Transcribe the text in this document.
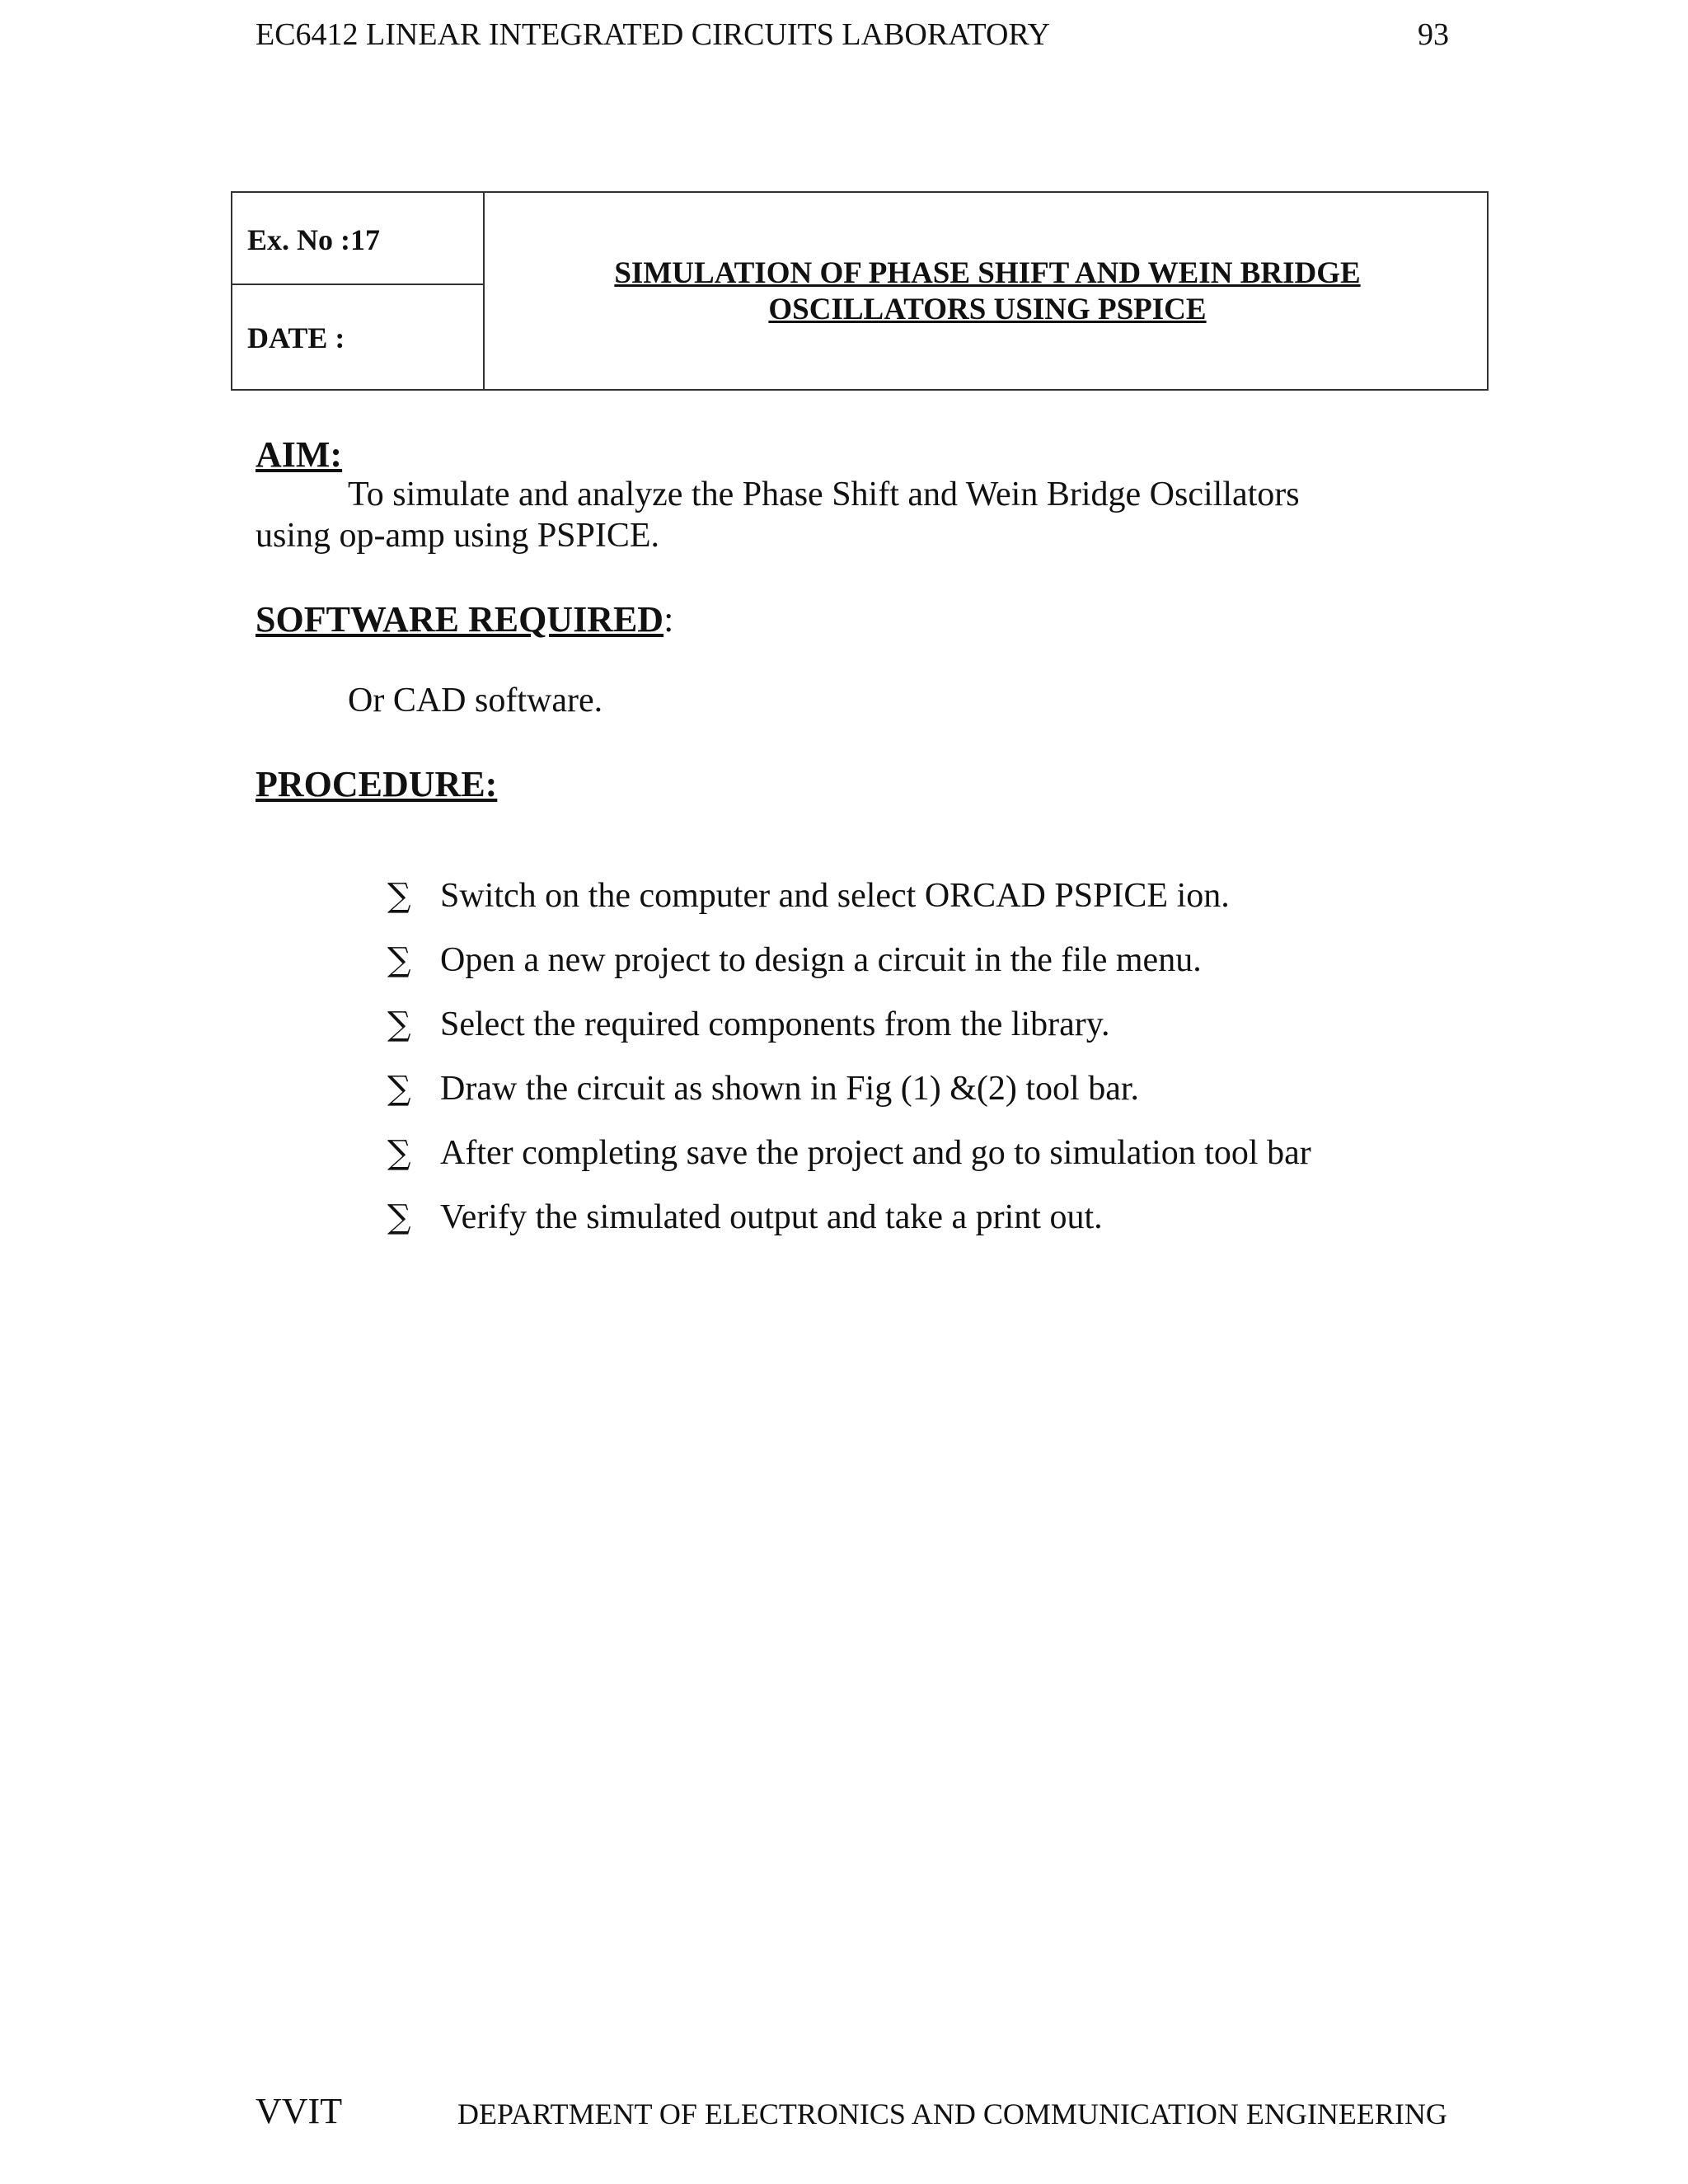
EC6412 LINEAR INTEGRATED CIRCUITS LABORATORY	93
Ex. No :17
DATE :
SIMULATION OF PHASE SHIFT AND WEIN BRIDGE
OSCILLATORS USING PSPICE
AIM:
To simulate and analyze the Phase Shift and Wein Bridge Oscillators
using op-amp using PSPICE.
SOFTWARE REQUIRED:
Or CAD software.
PROCEDURE:
∑ Switch on the computer and select ORCAD PSPICE ion.
∑ Open a new project to design a circuit in the file menu.
∑ Select the required components from the library.
∑ Draw the circuit as shown in Fig (1) &(2) tool bar.
∑ After completing save the project and go to simulation tool bar
∑ Verify the simulated output and take a print out.
VVIT	DEPARTMENT OF ELECTRONICS AND COMMUNICATION ENGINEERING
